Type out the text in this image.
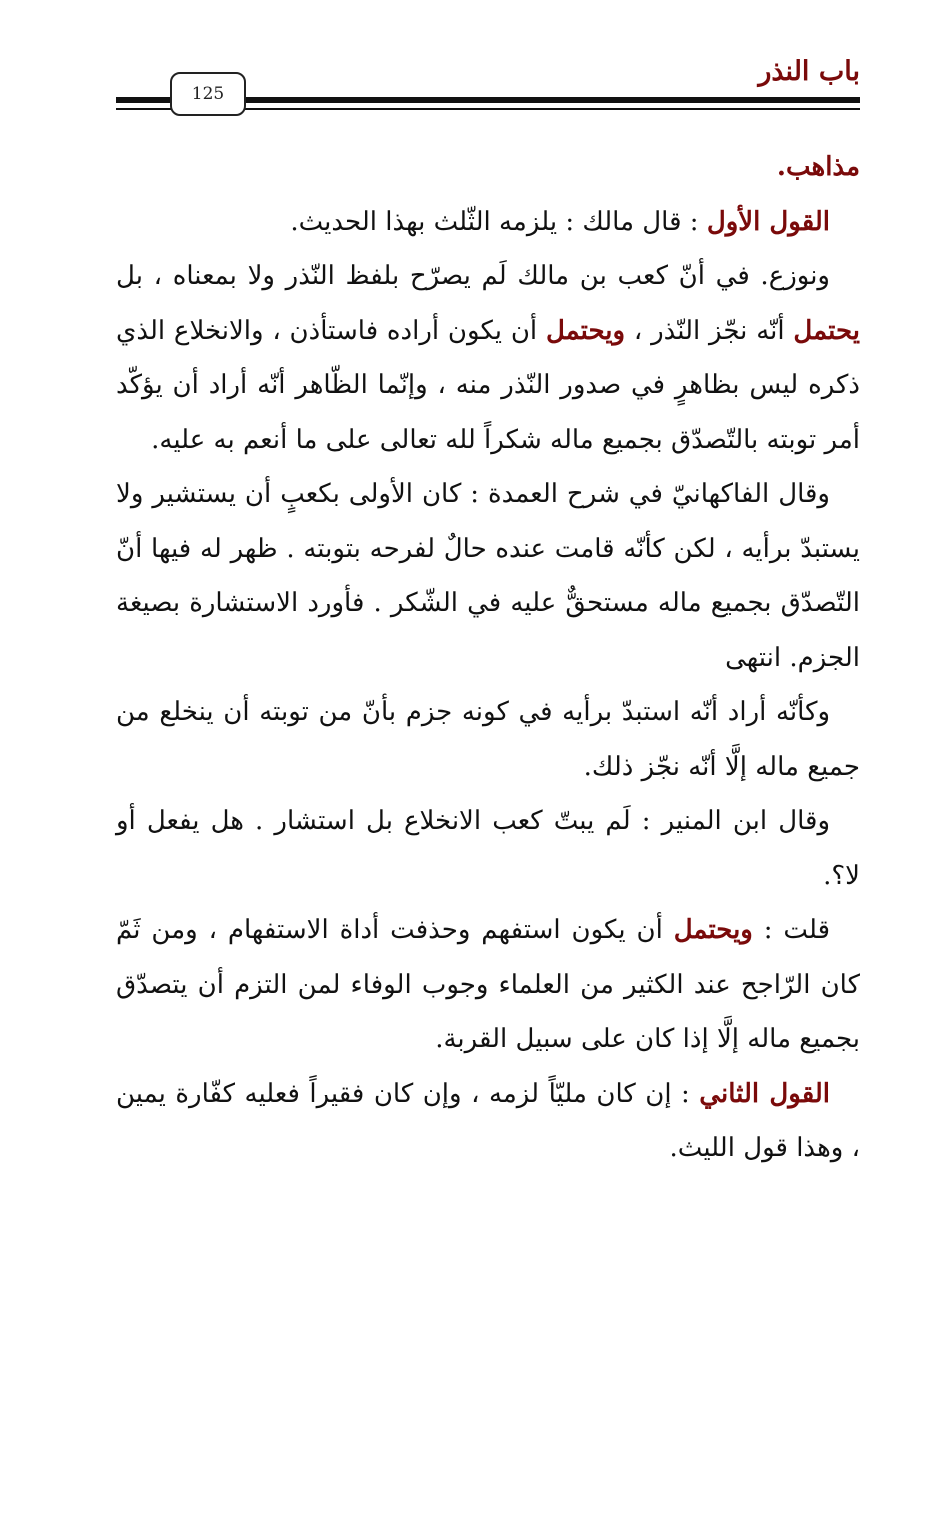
باب النذر
125

مذاهب.

القول الأول : قال مالك : يلزمه الثّلث بهذا الحديث.

ونوزع. في أنّ كعب بن مالك لَم يصرّح بلفظ النّذر ولا بمعناه ، بل يحتمل أنّه نجّز النّذر ، ويحتمل أن يكون أراده فاستأذن ، والانخلاع الذي ذكره ليس بظاهرٍ في صدور النّذر منه ، وإنّما الظّاهر أنّه أراد أن يؤكّد أمر توبته بالتّصدّق بجميع ماله شكراً لله تعالى على ما أنعم به عليه.

وقال الفاكهانيّ في شرح العمدة : كان الأولى بكعبٍ أن يستشير ولا يستبدّ برأيه ، لكن كأنّه قامت عنده حالٌ لفرحه بتوبته . ظهر له فيها أنّ التّصدّق بجميع ماله مستحقٌّ عليه في الشّكر . فأورد الاستشارة بصيغة الجزم. انتهى

وكأنّه أراد أنّه استبدّ برأيه في كونه جزم بأنّ من توبته أن ينخلع من جميع ماله إلَّا أنّه نجّز ذلك.

وقال ابن المنير : لَم يبتّ كعب الانخلاع بل استشار . هل يفعل أو لا؟.

قلت : ويحتمل أن يكون استفهم وحذفت أداة الاستفهام ، ومن ثَمّ كان الرّاجح عند الكثير من العلماء وجوب الوفاء لمن التزم أن يتصدّق بجميع ماله إلَّا إذا كان على سبيل القربة.

القول الثاني : إن كان مليّاً لزمه ، وإن كان فقيراً فعليه كفّارة يمين ، وهذا قول الليث.
